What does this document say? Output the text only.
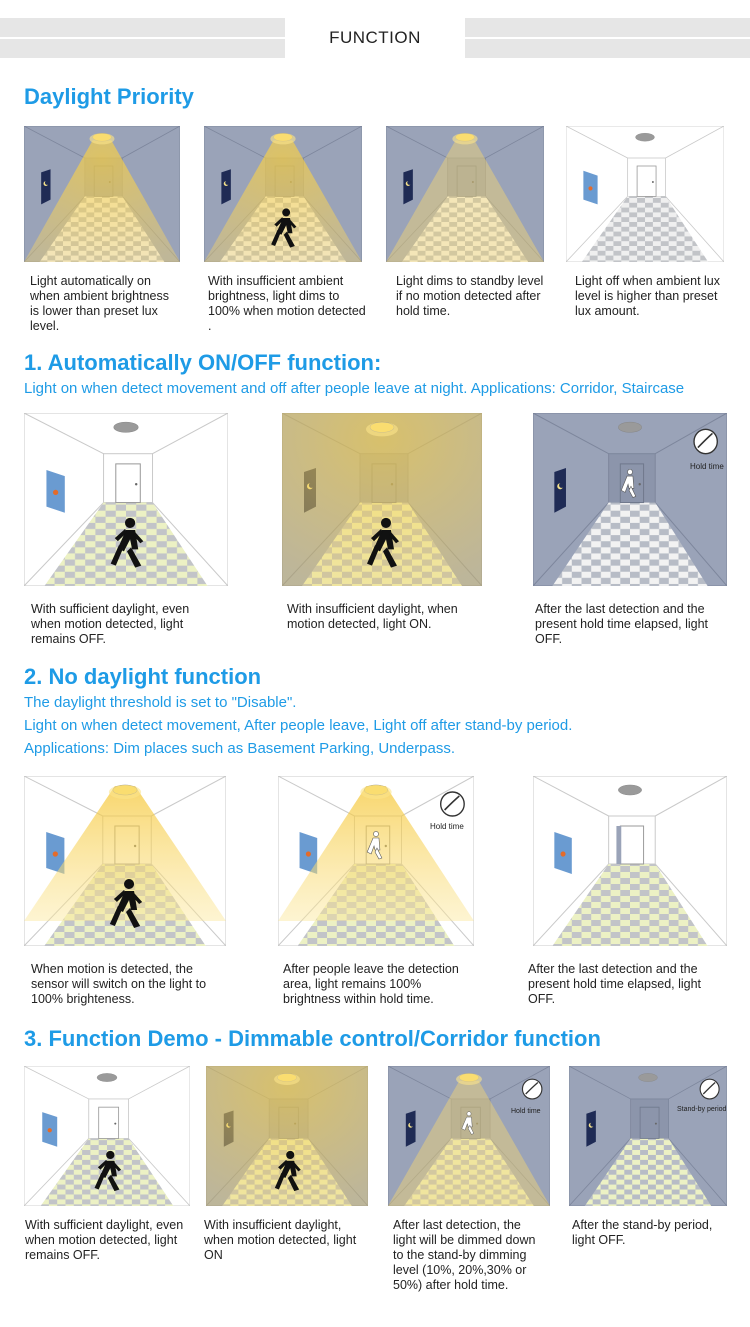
FUNCTION
Daylight Priority
Light automatically on when ambient brightness is lower than preset lux level.
With insufficient ambient brightness, light dims to 100% when motion detected .
Light dims to standby level if no motion detected after hold time.
Light off when ambient lux level is higher than preset lux amount.
1. Automatically ON/OFF function:
Light on when detect movement and off after people leave at night. Applications: Corridor, Staircase
Hold time
With sufficient daylight, even when motion detected, light remains OFF.
With insufficient daylight, when motion detected, light ON.
After the last detection and the present hold time elapsed, light OFF.
2. No daylight function
The daylight threshold is set to "Disable".
Light on when detect movement, After people leave, Light off after stand-by period.
Applications: Dim places such as Basement Parking, Underpass.
Hold time
When motion is detected, the sensor will switch on the light to 100% brighteness.
After people leave the detection area, light remains 100% brightness within hold time.
After the last detection and the present hold time elapsed, light OFF.
3. Function Demo - Dimmable control/Corridor function
Hold time	Stand-by period
With sufficient daylight, even when motion detected, light remains OFF.
With insufficient daylight, when motion detected, light ON
After last detection, the light will be dimmed down to the stand-by dimming level (10%, 20%,30% or 50%) after hold time.
After the stand-by period, light OFF.
